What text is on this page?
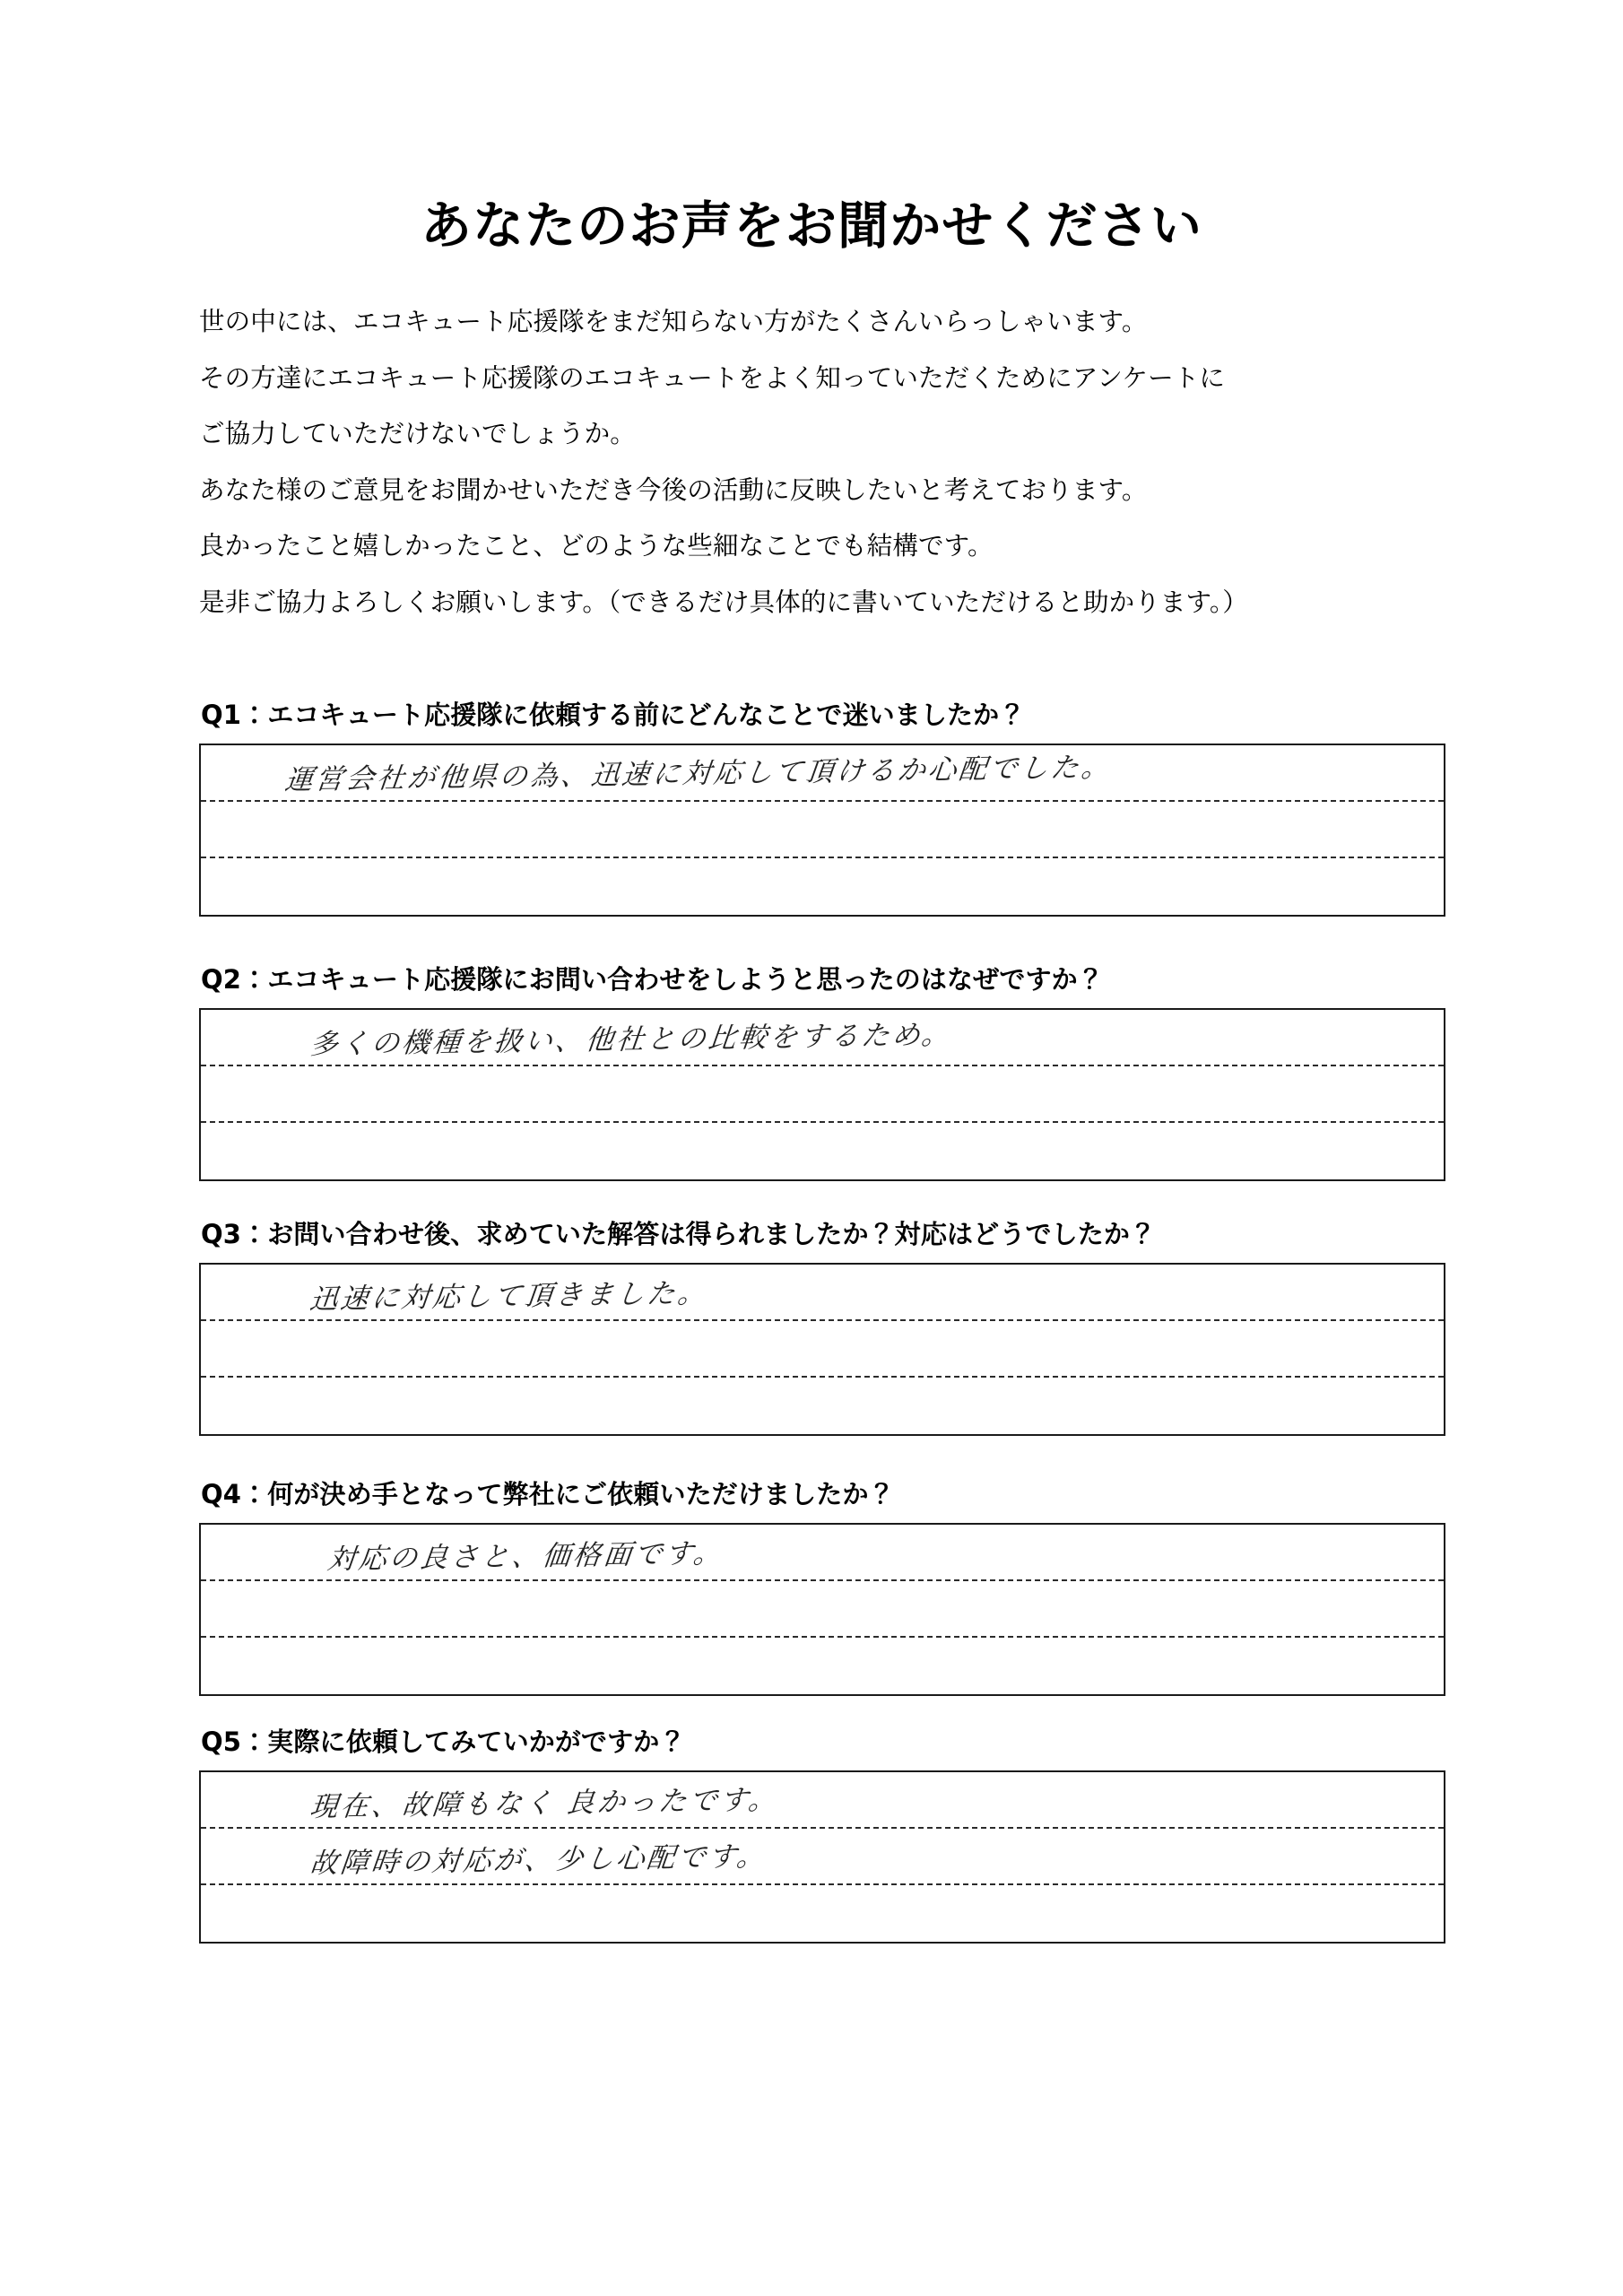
あなたのお声をお聞かせください
世の中には、エコキュート応援隊をまだ知らない方がたくさんいらっしゃいます。
その方達にエコキュート応援隊のエコキュートをよく知っていただくためにアンケートに
ご協力していただけないでしょうか。
あなた様のご意見をお聞かせいただき今後の活動に反映したいと考えております。
良かったこと嬉しかったこと、どのような些細なことでも結構です。
是非ご協力よろしくお願いします。（できるだけ具体的に書いていただけると助かります。）
Q1：エコキュート応援隊に依頼する前にどんなことで迷いましたか？
運営会社が他県の為、迅速に対応して頂けるか心配でした。
Q2：エコキュート応援隊にお問い合わせをしようと思ったのはなぜですか？
多くの機種を扱い、他社との比較をするため。
Q3：お問い合わせ後、求めていた解答は得られましたか？対応はどうでしたか？
迅速に対応して頂きました。
Q4：何が決め手となって弊社にご依頼いただけましたか？
対応の良さと、価格面です。
Q5：実際に依頼してみていかがですか？
現在、故障もなく 良かったです。
故障時の対応が、少し心配です。
